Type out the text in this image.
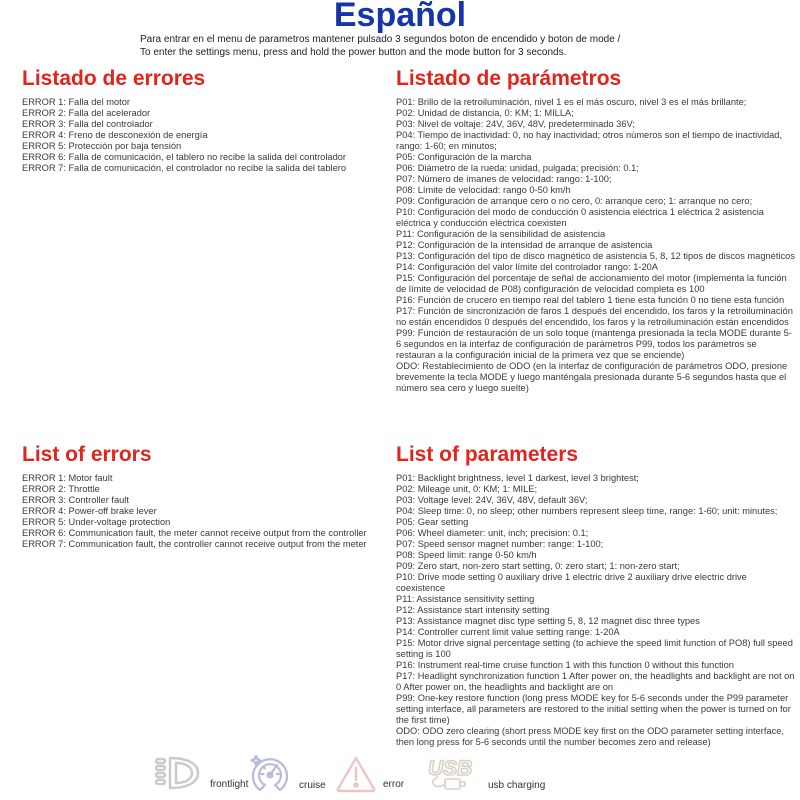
Español
Para entrar en el menu de parametros mantener pulsado 3 segundos boton de encendido y boton de mode /
To enter the settings menu, press and hold the power button and the mode button for 3 seconds.
Listado de errores
ERROR 1: Falla del motor
ERROR 2: Falla del acelerador
ERROR 3: Falla del controlador
ERROR 4: Freno de desconexión de energía
ERROR 5: Protección por baja tensión
ERROR 6: Falla de comunicación, el tablero no recibe la salida del controlador
ERROR 7: Falla de comunicación, el controlador no recibe la salida del tablero
Listado de parámetros
P01: Brillo de la retroiluminación, nivel 1 es el más oscuro, nivel 3 es el más brillante;
P02: Unidad de distancia, 0: KM; 1: MILLA;
P03: Nivel de voltaje: 24V, 36V, 48V, predeterminado 36V;
P04: Tiempo de inactividad: 0, no hay inactividad; otros números son el tiempo de inactividad, rango: 1-60; en minutos;
P05: Configuración de la marcha
P06: Diámetro de la rueda: unidad, pulgada; precisión: 0.1;
P07: Número de imanes de velocidad: rango: 1-100;
P08: Límite de velocidad: rango 0-50 km/h
P09: Configuración de arranque cero o no cero, 0: arranque cero; 1: arranque no cero;
P10: Configuración del modo de conducción 0 asistencia eléctrica 1 eléctrica 2 asistencia eléctrica y conducción eléctrica coexisten
P11: Configuración de la sensibilidad de asistencia
P12: Configuración de la intensidad de arranque de asistencia
P13: Configuración del tipo de disco magnético de asistencia 5, 8, 12 tipos de discos magnéticos
P14: Configuración del valor límite del controlador rango: 1-20A
P15: Configuración del porcentaje de señal de accionamiento del motor (implementa la función de límite de velocidad de P08) configuración de velocidad completa es 100
P16: Función de crucero en tiempo real del tablero 1 tiene esta función 0 no tiene esta función
P17: Función de sincronización de faros 1 después del encendido, los faros y la retroiluminación no están encendidos 0 después del encendido, los faros y la retroiluminación están encendidos
P99: Función de restauración de un solo toque (mantenga presionada la tecla MODE durante 5-6 segundos en la interfaz de configuración de parámetros P99, todos los parámetros se restauran a la configuración inicial de la primera vez que se enciende)
ODO: Restablecimiento de ODO (en la interfaz de configuración de parámetros ODO, presione brevemente la tecla MODE y luego manténgala presionada durante 5-6 segundos hasta que el número sea cero y luego suelte)
List of errors
ERROR 1: Motor fault
ERROR 2: Throttle
ERROR 3: Controller fault
ERROR 4: Power-off brake lever
ERROR 5: Under-voltage protection
ERROR 6: Communication fault, the meter cannot receive output from the controller
ERROR 7: Communication fault, the controller cannot receive output from the meter
List of parameters
P01: Backlight brightness, level 1 darkest, level 3 brightest;
P02: Mileage unit, 0: KM; 1: MILE;
P03: Voltage level: 24V, 36V, 48V, default 36V;
P04: Sleep time: 0, no sleep; other numbers represent sleep time, range: 1-60; unit: minutes;
P05: Gear setting
P06: Wheel diameter: unit, inch; precision: 0.1;
P07: Speed sensor magnet number: range: 1-100;
P08: Speed limit: range 0-50 km/h
P09: Zero start, non-zero start setting, 0: zero start; 1: non-zero start;
P10: Drive mode setting 0 auxiliary drive 1 electric drive 2 auxiliary drive electric drive coexistence
P11: Assistance sensitivity setting
P12: Assistance start intensity setting
P13: Assistance magnet disc type setting 5, 8, 12 magnet disc three types
P14: Controller current limit value setting range: 1-20A
P15: Motor drive signal percentage setting (to achieve the speed limit function of PO8) full speed setting is 100
P16: Instrument real-time cruise function 1 with this function 0 without this function
P17: Headlight synchronization function 1 After power on, the headlights and backlight are not on 0 After power on, the headlights and backlight are on
P99: One-key restore function (long press MODE key for 5-6 seconds under the P99 parameter setting interface, all parameters are restored to the initial setting when the power is turned on for the first time)
ODO: ODO zero clearing (short press MODE key first on the ODO parameter setting interface, then long press for 5-6 seconds until the number becomes zero and release)
frontlight	cruise	error
USB
usb charging
